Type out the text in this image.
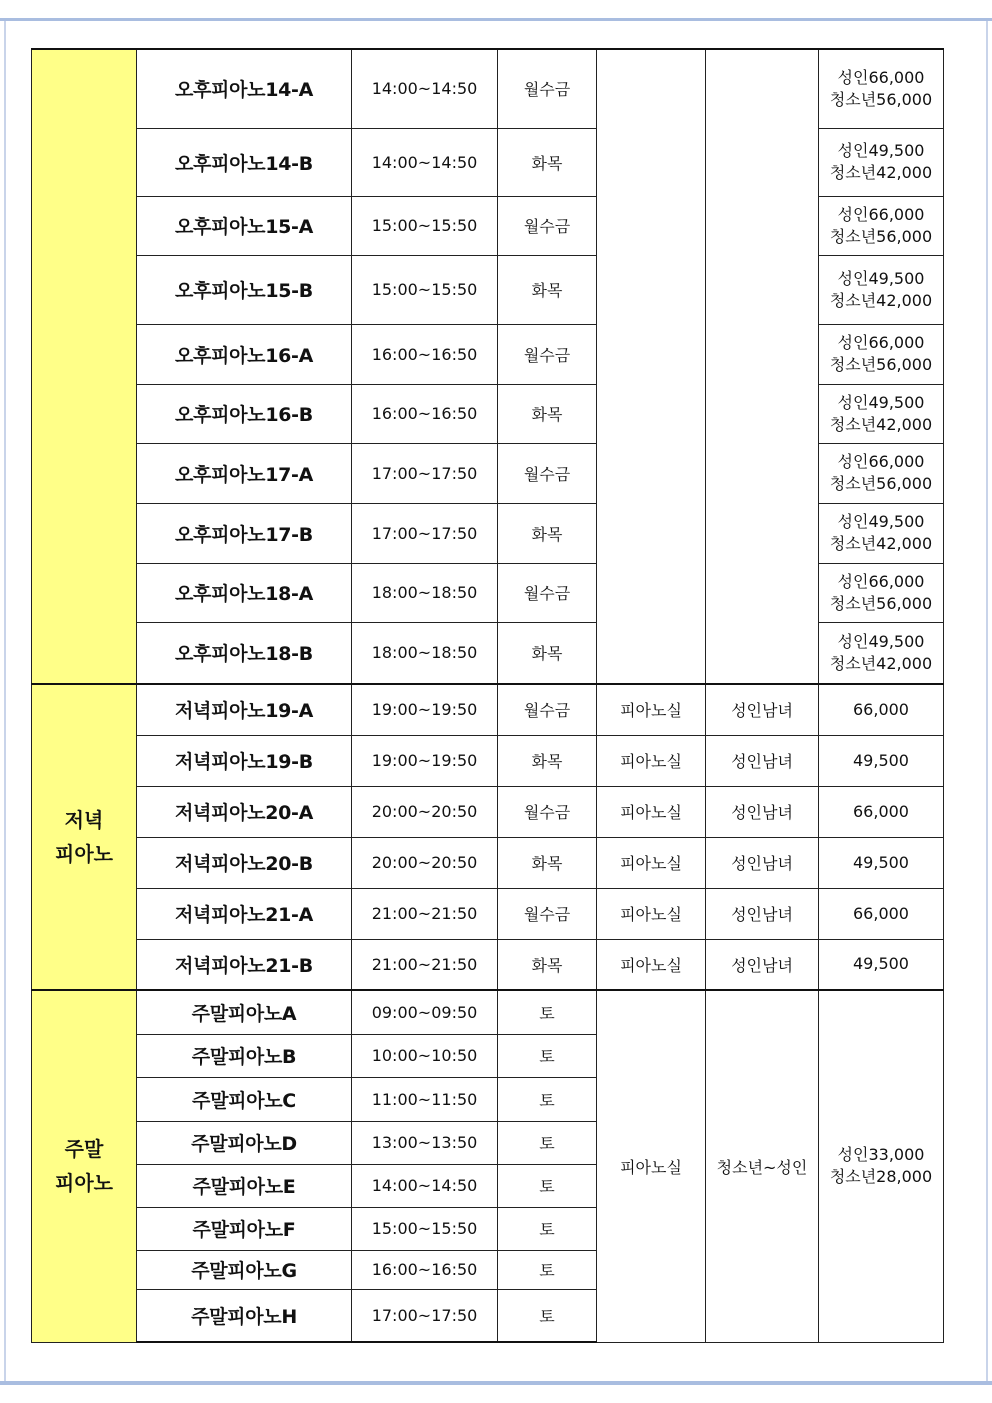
	오후피아노14-A	14:00~14:50	월수금			성인66,000
청소년56,000

	오후피아노14-B	14:00~14:50	화목			성인49,500
청소년42,000

	오후피아노15-A	15:00~15:50	월수금			성인66,000
청소년56,000

	오후피아노15-B	15:00~15:50	화목			성인49,500
청소년42,000

	오후피아노16-A	16:00~16:50	월수금			성인66,000
청소년56,000

	오후피아노16-B	16:00~16:50	화목			성인49,500
청소년42,000

	오후피아노17-A	17:00~17:50	월수금			성인66,000
청소년56,000

	오후피아노17-B	17:00~17:50	화목			성인49,500
청소년42,000

	오후피아노18-A	18:00~18:50	월수금			성인66,000
청소년56,000

	오후피아노18-B	18:00~18:50	화목			성인49,500
청소년42,000

저녁
피아노	저녁피아노19-A	19:00~19:50	월수금	피아노실	성인남녀	66,000
	저녁피아노19-B	19:00~19:50	화목	피아노실	성인남녀	49,500
	저녁피아노20-A	20:00~20:50	월수금	피아노실	성인남녀	66,000
	저녁피아노20-B	20:00~20:50	화목	피아노실	성인남녀	49,500
	저녁피아노21-A	21:00~21:50	월수금	피아노실	성인남녀	66,000
	저녁피아노21-B	21:00~21:50	화목	피아노실	성인남녀	49,500

주말
피아노	주말피아노A	09:00~09:50	토	피아노실	청소년~성인	성인33,000
청소년28,000

	주말피아노B	10:00~10:50	토			
	주말피아노C	11:00~11:50	토			
	주말피아노D	13:00~13:50	토			
	주말피아노E	14:00~14:50	토			
	주말피아노F	15:00~15:50	토			
	주말피아노G	16:00~16:50	토			
	주말피아노H	17:00~17:50	토			
